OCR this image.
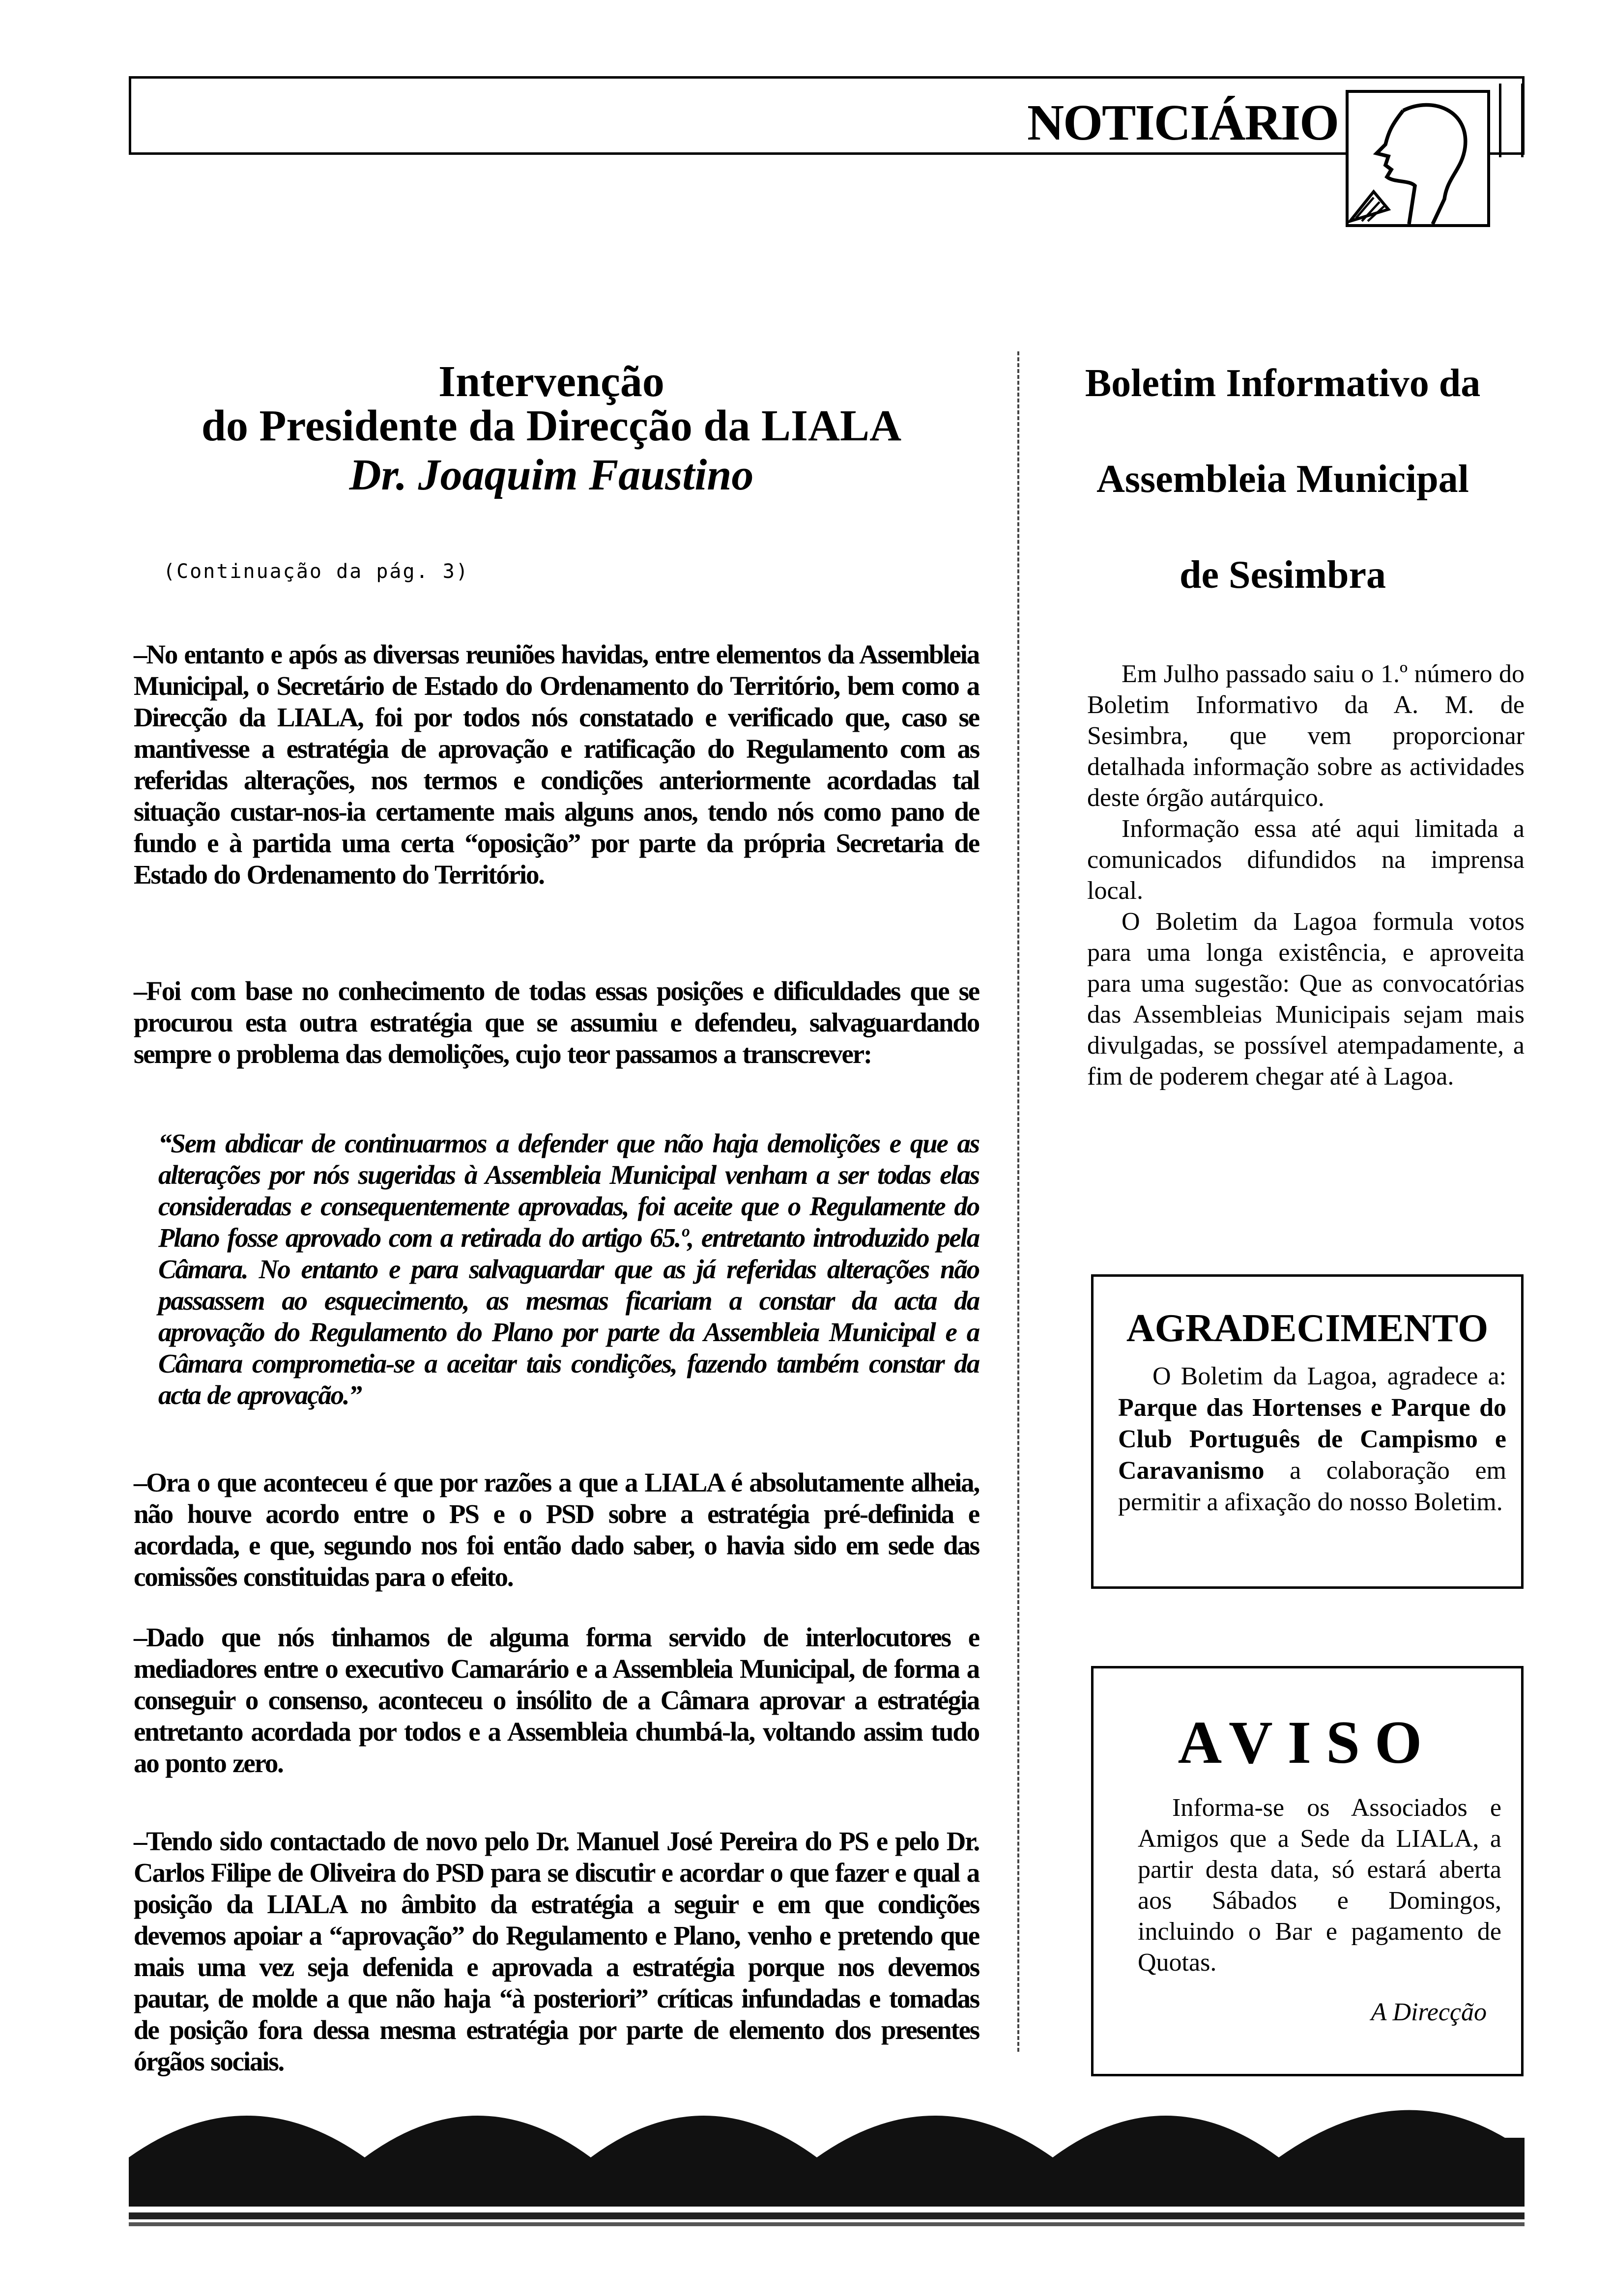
NOTICIÁRIO
Intervenção
do Presidente da Direcção da LIALA
Dr. Joaquim Faustino
(Continuação da pág. 3)
–No entanto e após as diversas reuniões havidas, entre elementos da Assembleia Municipal, o Secretário de Estado do Ordenamento do Território, bem como a Direcção da LIALA, foi por todos nós constatado e verificado que, caso se mantivesse a estratégia de aprovação e ratificação do Regulamento com as referidas alterações, nos termos e condições anteriormente acordadas tal situação custar-nos-ia certamente mais alguns anos, tendo nós como pano de fundo e à partida uma certa “oposição” por parte da própria Secretaria de Estado do Ordenamento do Território.
–Foi com base no conhecimento de todas essas posições e dificuldades que se procurou esta outra estratégia que se assumiu e defendeu, salvaguardando sempre o problema das demolições, cujo teor passamos a transcrever:
“Sem abdicar de continuarmos a defender que não haja demolições e que as alterações por nós sugeridas à Assembleia Municipal venham a ser todas elas consideradas e consequentemente aprovadas, foi aceite que o Regulamente do Plano fosse aprovado com a retirada do artigo 65.º, entretanto introduzido pela Câmara. No entanto e para salvaguardar que as já referidas alterações não passassem ao esquecimento, as mesmas ficariam a constar da acta da aprovação do Regulamento do Plano por parte da Assembleia Municipal e a Câmara comprometia-se a aceitar tais condições, fazendo também constar da acta de aprovação.”
–Ora o que aconteceu é que por razões a que a LIALA é absolutamente alheia, não houve acordo entre o PS e o PSD sobre a estratégia pré-definida e acordada, e que, segundo nos foi então dado saber, o havia sido em sede das comissões constituidas para o efeito.
–Dado que nós tinhamos de alguma forma servido de interlocutores e mediadores entre o executivo Camarário e a Assembleia Municipal, de forma a conseguir o consenso, aconteceu o insólito de a Câmara aprovar a estratégia entretanto acordada por todos e a Assembleia chumbá-la, voltando assim tudo ao ponto zero.
–Tendo sido contactado de novo pelo Dr. Manuel José Pereira do PS e pelo Dr. Carlos Filipe de Oliveira do PSD para se discutir e acordar o que fazer e qual a posição da LIALA no âmbito da estratégia a seguir e em que condições devemos apoiar a “aprovação” do Regulamento e Plano, venho e pretendo que mais uma vez seja defenida e aprovada a estratégia porque nos devemos pautar, de molde a que não haja “à posteriori” críticas infundadas e tomadas de posição fora dessa mesma estratégia por parte de elemento dos presentes órgãos sociais.
Boletim Informativo da
Assembleia Municipal
de Sesimbra

Em Julho passado saiu o 1.º número do Boletim Informativo da A. M. de Sesimbra, que vem proporcionar detalhada informação sobre as actividades deste órgão autárquico.

Informação essa até aqui limitada a comunicados difundidos na imprensa local.

O Boletim da Lagoa formula votos para uma longa existência, e aproveita para uma sugestão: Que as convocatórias das Assembleias Municipais sejam mais divulgadas, se possível atempadamente, a fim de poderem chegar até à Lagoa.

AGRADECIMENTO
O Boletim da Lagoa, agradece a: Parque das Hortenses e Parque do Club Português de Campismo e Caravanismo a colaboração em permitir a afixação do nosso Boletim.
AVISO
Informa-se os Associados e Amigos que a Sede da LIALA, a partir desta data, só estará aberta aos Sábados e Domingos, incluindo o Bar e pagamento de Quotas.
A Direcção
